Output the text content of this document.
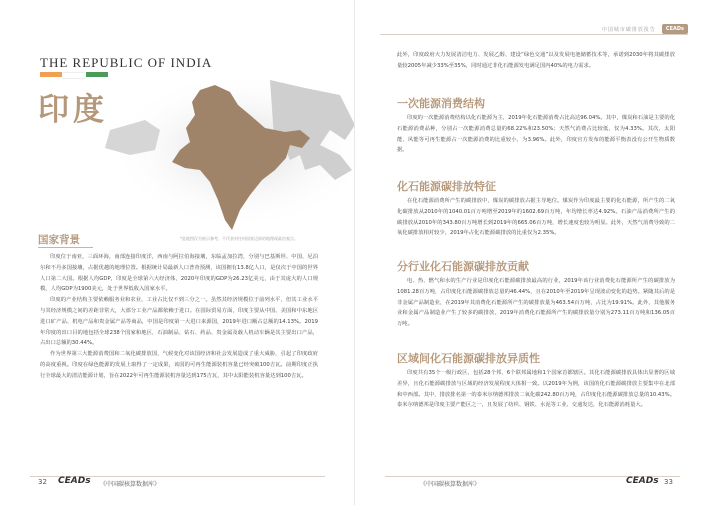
THE REPUBLIC OF INDIA
印度
*此地图仅为展示参考，不代表对任何国家边界的地理或政治观点。
国家背景

印度位于南亚，三面环海，南部连接印度洋，西南与阿拉伯海接壤，东临孟加拉湾，分别与巴基斯坦、中国、尼泊尔和不丹多国接壤，占据优越的地理位置。根据统计局最新人口普查预测，该国拥有13.8亿人口，是仅次于中国的世界人口第二大国。根据人均GDP，印度是全球第六大经济体，2020年印度的GDP为26.23亿美元，由于其庞大的人口规模，人均GDP为1900美元，处于世界低收入国家水平。

印度的产业结构主要依赖服务业和农业，工业占比仅不到三分之一。虽然其经济规模位于前列水平，但其工业水平与其经济规模之间的差距非常大，大部分工业产品都依赖于进口。在国际贸易方面，印度主要从中国、美国和中东地区进口矿产品、机电产品和贵金属产品等商品，中国是印度第一大进口来源国，2019年进口额占总额的14.13%。2019年印度的出口目的地包括全球238个国家和地区，石油制品、钻石、药品、贵金属及载人机动车辆是其主要出口产品，占出口总额的30.44%。

作为世界第三大能源消费国和二氧化碳排放国，气候变化对该国经济和社会发展造成了重大威胁，引起了印度政府的高度重视。印度在绿色能源的发展上取得了一定成果，该国的可再生能源装机容量已经突破100吉瓦。前期印度正执行全球最大的清洁能源计划，旨在2022年可再生能源装机容量达到175吉瓦，其中太阳能装机容量达到100吉瓦。

32 CEADs 《中国碳核算数据库》
中国城市碳排放报告	CEADs

此外，印度政府大力发展清洁电力、发展乙醇、建设“绿色交通”以及发展电池储蓄技术等，承诺到2030年将其碳排放量较2005年减少33%至35%，同时通过非化石能源发电满足国内40%的电力需求。

一次能源消费结构

印度的一次能源消费结构以化石能源为主，2019年化石能源消费占比高达96.04%。其中，煤炭和石油是主要的化石能源消费品种，分别占一次能源消费总量的68.22%和23.50%；天然气消费占比较低，仅为4.33%。其次，太阳能、风能等可再生能源占一次能源消费的比重较小，为3.96%。此外，印度官方发布的能源平衡表没有公开生物质数据。

化石能源碳排放特征

在化石能源消费所产生的碳排放中，煤炭的碳排放占据主导地位。煤炭作为印度最主要的化石能源，所产生的二氧化碳排放从2010年的1040.01百万吨增至2019年的1602.69百万吨，年均增长率达4.92%。石油产品消费所产生的碳排放从2010年的343.80百万吨增长到2019年的665.06百万吨，增长速度也较为明显。此外，天然气消费导致的二氧化碳排放相对较少，2019年占化石能源碳排放的比重仅为2.35%。

分行业化石能源碳排放贡献

电、热、燃气和水的生产行业是印度化石能源碳排放最高的行业，2019年该行业消费化石能源所产生的碳排放为1081.28百万吨，占印度化石能源碳排放总量的46.44%，且在2010年至2019年呈现波动变化的趋势。紧随其后的是非金属产品制造业，在2019年其消费化石能源所产生的碳排放量为463.54百万吨，占比为19.91%。此外，其他服务业和金属产品制造业产生了较多的碳排放，2019年消费化石能源所产生的碳排放量分别为273.11百万吨和136.05百万吨。

区域间化石能源碳排放异质性

印度共有35个一级行政区，包括28个邦、6个联邦属地和1个国家首都辖区。其化石能源碳排放具体出显著的区域差异，且化石能源碳排放与区域的经济发展程度大体相一致。以2019年为例，该国的化石能源碳排放主要集中在北部和中西部。其中，排放排名第一的泰米尔纳德邦排放二氧化碳242.80百万吨，占印度化石能源碳排放总量的10.43%。泰米尔纳德邦是印度主要产能区之一，且发展了纺织、钢铁、水泥等工业、交通发达，化石能源消耗量大。

《中国碳核算数据库》	CEADs 33
